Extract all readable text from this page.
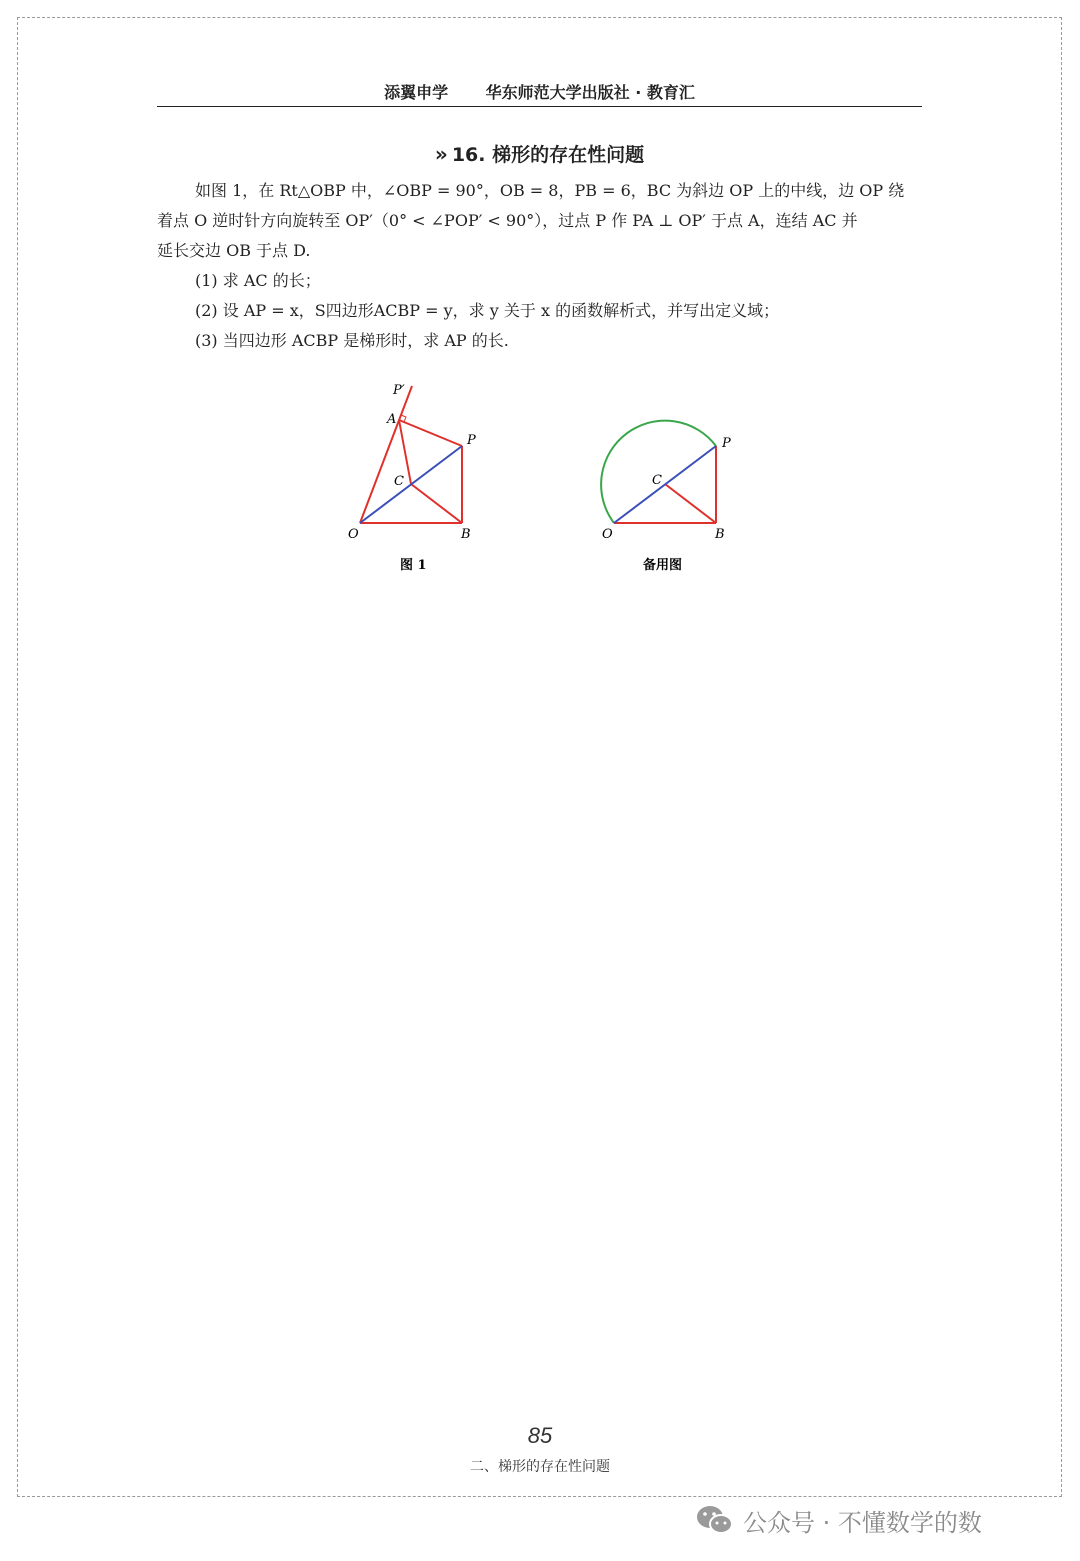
添翼申学 华东师范大学出版社 · 教育汇
» 16. 梯形的存在性问题

如图 1，在 Rt△OBP 中，∠OBP = 90°，OB = 8，PB = 6，BC 为斜边 OP 上的中线，边 OP 绕

着点 O 逆时针方向旋转至 OP′（0° < ∠POP′ < 90°），过点 P 作 PA ⊥ OP′ 于点 A，连结 AC 并

延长交边 OB 于点 D.

(1) 求 AC 的长；

(2) 设 AP = x，S四边形ACBP = y，求 y 关于 x 的函数解析式，并写出定义域；

(3) 当四边形 ACBP 是梯形时，求 AP 的长.

P′
A
P
C
O	B
图 1
P
C
O	B
备用图
85
二、梯形的存在性问题
公众号 · 不懂数学的数
